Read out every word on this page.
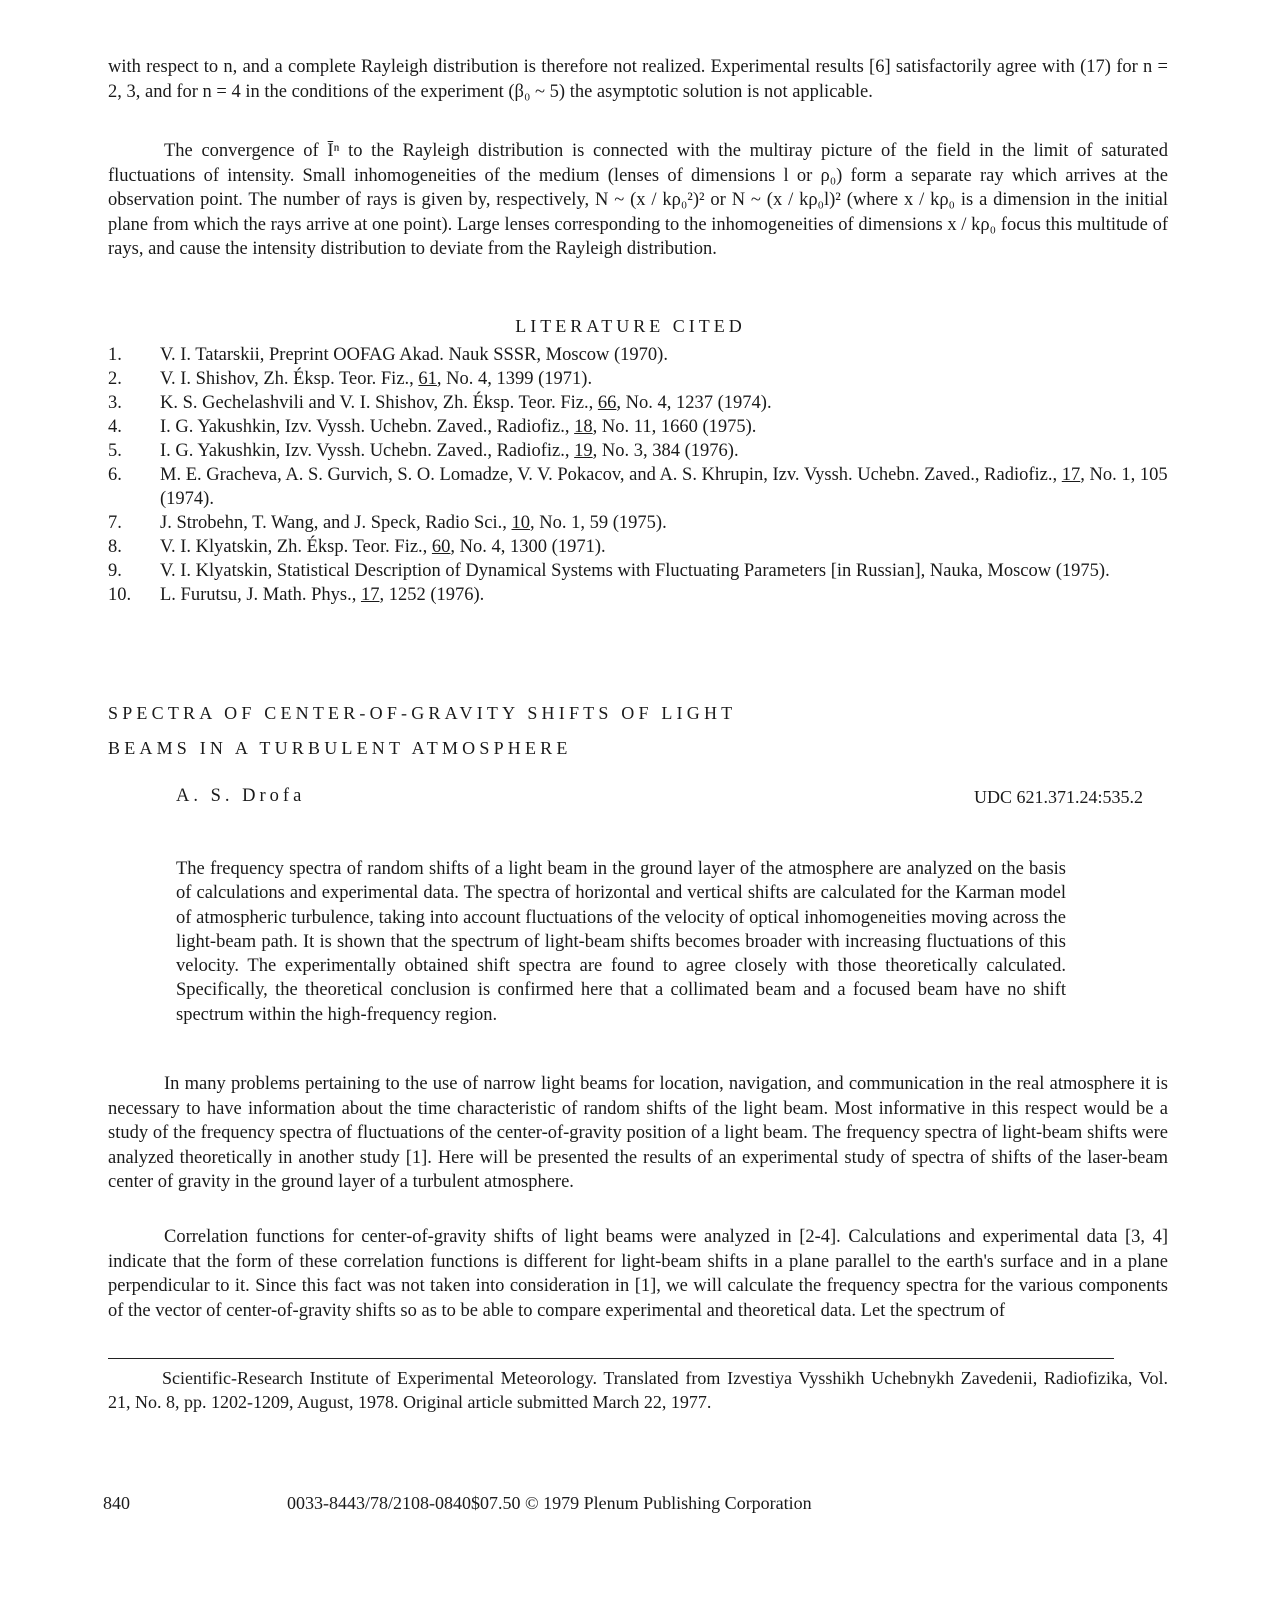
with respect to n, and a complete Rayleigh distribution is therefore not realized. Experimental results [6] satisfactorily agree with (17) for n = 2, 3, and for n = 4 in the conditions of the experiment (β₀ ~ 5) the asymptotic solution is not applicable.
The convergence of Īⁿ to the Rayleigh distribution is connected with the multiray picture of the field in the limit of saturated fluctuations of intensity. Small inhomogeneities of the medium (lenses of dimensions l or ρ₀) form a separate ray which arrives at the observation point. The number of rays is given by, respectively, N ~ (x / kρ₀²)² or N ~ (x / kρ₀l)² (where x / kρ₀ is a dimension in the initial plane from which the rays arrive at one point). Large lenses corresponding to the inhomogeneities of dimensions x / kρ₀ focus this multitude of rays, and cause the intensity distribution to deviate from the Rayleigh distribution.
LITERATURE CITED
1.	V. I. Tatarskii, Preprint OOFAG Akad. Nauk SSSR, Moscow (1970).
2.	V. I. Shishov, Zh. Éksp. Teor. Fiz., 61, No. 4, 1399 (1971).
3.	K. S. Gechelashvili and V. I. Shishov, Zh. Éksp. Teor. Fiz., 66, No. 4, 1237 (1974).
4.	I. G. Yakushkin, Izv. Vyssh. Uchebn. Zaved., Radiofiz., 18, No. 11, 1660 (1975).
5.	I. G. Yakushkin, Izv. Vyssh. Uchebn. Zaved., Radiofiz., 19, No. 3, 384 (1976).
6.	M. E. Gracheva, A. S. Gurvich, S. O. Lomadze, V. V. Pokacov, and A. S. Khrupin, Izv. Vyssh. Uchebn. Zaved., Radiofiz., 17, No. 1, 105 (1974).
7.	J. Strobehn, T. Wang, and J. Speck, Radio Sci., 10, No. 1, 59 (1975).
8.	V. I. Klyatskin, Zh. Éksp. Teor. Fiz., 60, No. 4, 1300 (1971).
9.	V. I. Klyatskin, Statistical Description of Dynamical Systems with Fluctuating Parameters [in Russian], Nauka, Moscow (1975).
10.	L. Furutsu, J. Math. Phys., 17, 1252 (1976).
SPECTRA OF CENTER-OF-GRAVITY SHIFTS OF LIGHT
BEAMS IN A TURBULENT ATMOSPHERE
A. S. Drofa	UDC 621.371.24:535.2
The frequency spectra of random shifts of a light beam in the ground layer of the atmosphere are analyzed on the basis of calculations and experimental data. The spectra of horizontal and vertical shifts are calculated for the Karman model of atmospheric turbulence, taking into account fluctuations of the velocity of optical inhomogeneities moving across the light-beam path. It is shown that the spectrum of light-beam shifts becomes broader with increasing fluctuations of this velocity. The experimentally obtained shift spectra are found to agree closely with those theoretically calculated. Specifically, the theoretical conclusion is confirmed here that a collimated beam and a focused beam have no shift spectrum within the high-frequency region.
In many problems pertaining to the use of narrow light beams for location, navigation, and communication in the real atmosphere it is necessary to have information about the time characteristic of random shifts of the light beam. Most informative in this respect would be a study of the frequency spectra of fluctuations of the center-of-gravity position of a light beam. The frequency spectra of light-beam shifts were analyzed theoretically in another study [1]. Here will be presented the results of an experimental study of spectra of shifts of the laser-beam center of gravity in the ground layer of a turbulent atmosphere.
Correlation functions for center-of-gravity shifts of light beams were analyzed in [2-4]. Calculations and experimental data [3, 4] indicate that the form of these correlation functions is different for light-beam shifts in a plane parallel to the earth's surface and in a plane perpendicular to it. Since this fact was not taken into consideration in [1], we will calculate the frequency spectra for the various components of the vector of center-of-gravity shifts so as to be able to compare experimental and theoretical data. Let the spectrum of
Scientific-Research Institute of Experimental Meteorology. Translated from Izvestiya Vysshikh Uchebnykh Zavedenii, Radiofizika, Vol. 21, No. 8, pp. 1202-1209, August, 1978. Original article submitted March 22, 1977.
840	0033-8443/78/2108-0840$07.50 © 1979 Plenum Publishing Corporation
